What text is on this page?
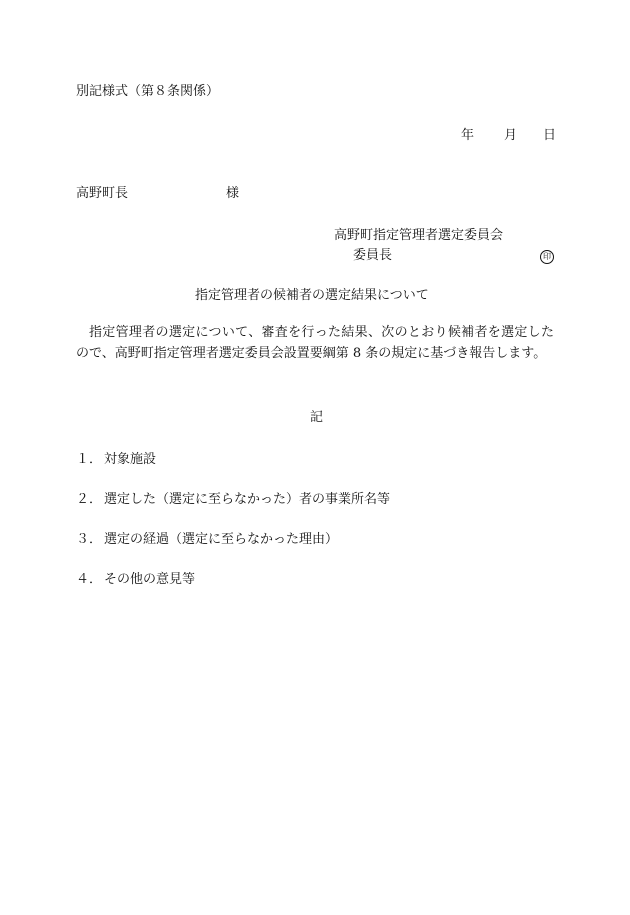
別記様式（第８条関係）
年 月 日
高野町長	様
高野町指定管理者選定委員会
委員長	印
指定管理者の候補者の選定結果について
指定管理者の選定について、審査を行った結果、次のとおり候補者を選定したので、高野町指定管理者選定委員会設置要綱第 8 条の規定に基づき報告します。
記
１． 対象施設
２． 選定した（選定に至らなかった）者の事業所名等
３． 選定の経過（選定に至らなかった理由）
４． その他の意見等
